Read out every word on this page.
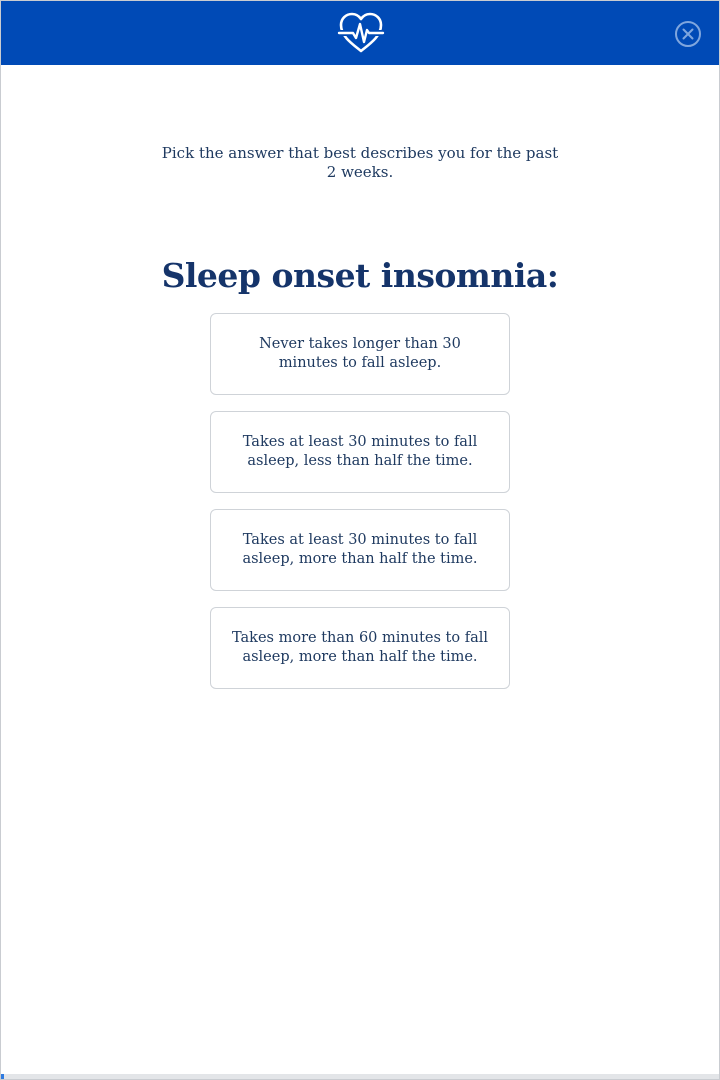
Pick the answer that best describes you for the past 2 weeks.
Sleep onset insomnia:
Never takes longer than 30 minutes to fall asleep.
Takes at least 30 minutes to fall asleep, less than half the time.
Takes at least 30 minutes to fall asleep, more than half the time.
Takes more than 60 minutes to fall asleep, more than half the time.
